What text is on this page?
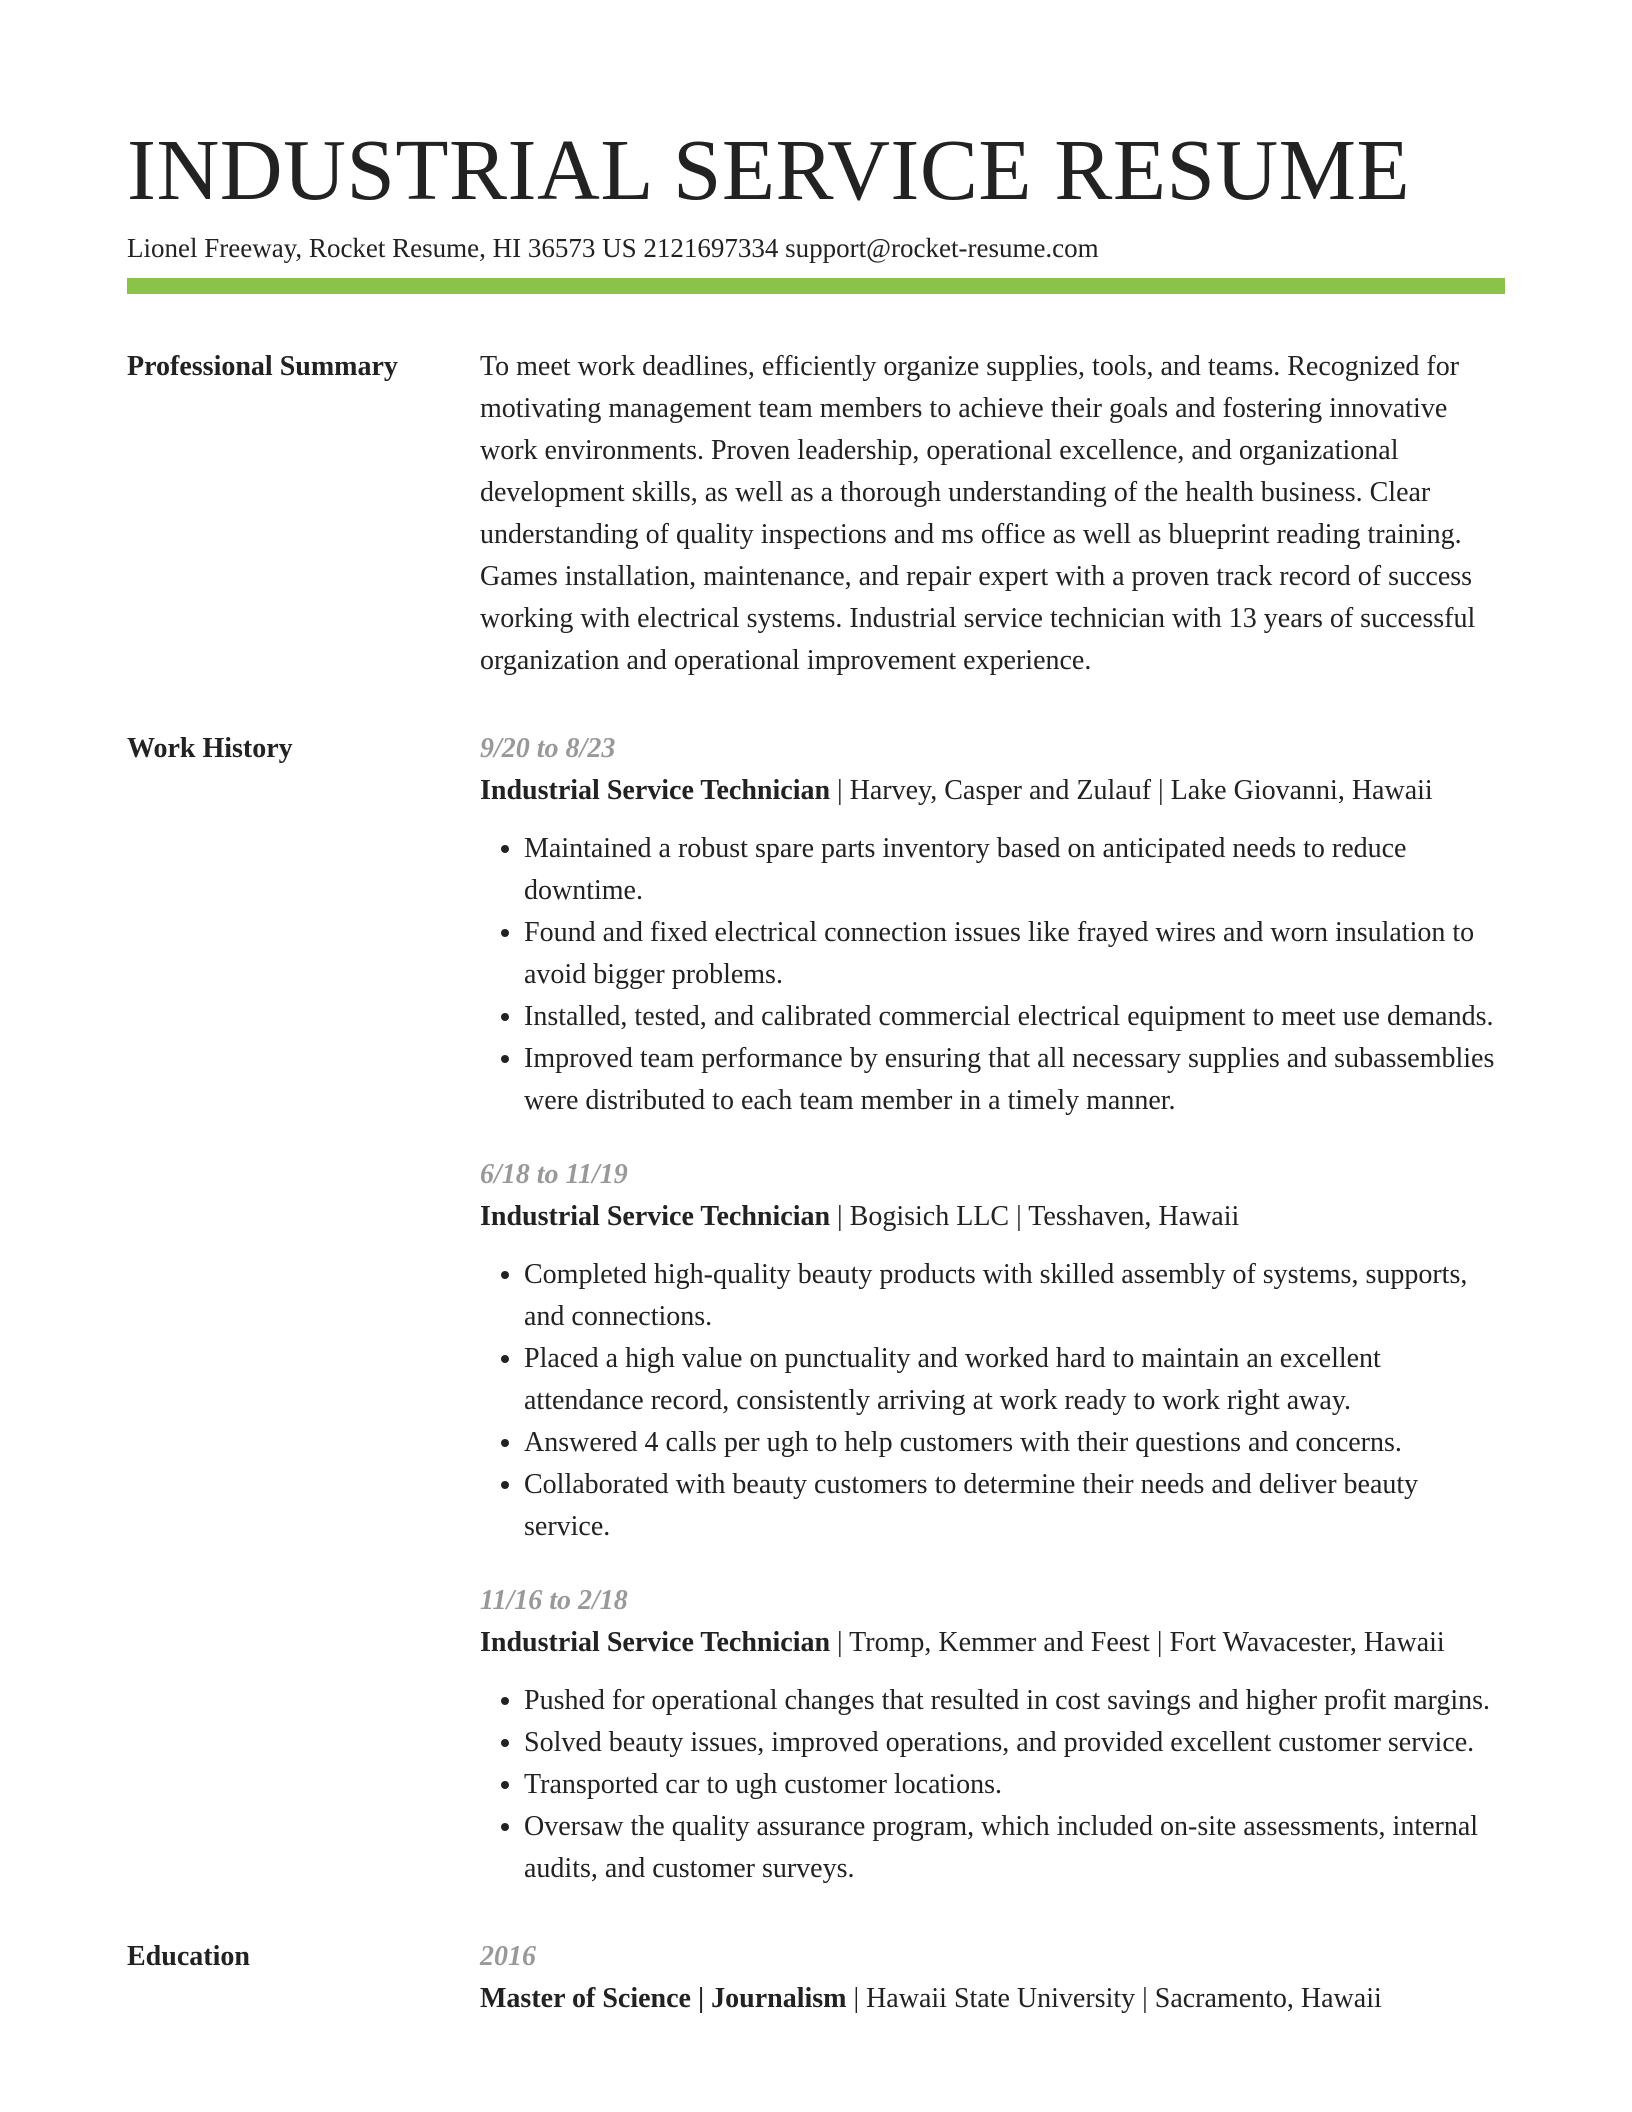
INDUSTRIAL SERVICE RESUME
Lionel Freeway, Rocket Resume, HI 36573 US 2121697334 support@rocket-resume.com
Professional Summary	To meet work deadlines, efficiently organize supplies, tools, and teams. Recognized for motivating management team members to achieve their goals and fostering innovative work environments. Proven leadership, operational excellence, and organizational development skills, as well as a thorough understanding of the health business. Clear understanding of quality inspections and ms office as well as blueprint reading training. Games installation, maintenance, and repair expert with a proven track record of success working with electrical systems. Industrial service technician with 13 years of successful organization and operational improvement experience.

Work History	9/20 to 8/23
Industrial Service Technician | Harvey, Casper and Zulauf | Lake Giovanni, Hawaii
• Maintained a robust spare parts inventory based on anticipated needs to reduce downtime.
• Found and fixed electrical connection issues like frayed wires and worn insulation to avoid bigger problems.
• Installed, tested, and calibrated commercial electrical equipment to meet use demands.
• Improved team performance by ensuring that all necessary supplies and subassemblies were distributed to each team member in a timely manner.
6/18 to 11/19
Industrial Service Technician | Bogisich LLC | Tesshaven, Hawaii
• Completed high-quality beauty products with skilled assembly of systems, supports, and connections.
• Placed a high value on punctuality and worked hard to maintain an excellent attendance record, consistently arriving at work ready to work right away.
• Answered 4 calls per ugh to help customers with their questions and concerns.
• Collaborated with beauty customers to determine their needs and deliver beauty service.
11/16 to 2/18
Industrial Service Technician | Tromp, Kemmer and Feest | Fort Wavacester, Hawaii
• Pushed for operational changes that resulted in cost savings and higher profit margins.
• Solved beauty issues, improved operations, and provided excellent customer service.
• Transported car to ugh customer locations.
• Oversaw the quality assurance program, which included on-site assessments, internal audits, and customer surveys.
Education	2016
Master of Science | Journalism | Hawaii State University | Sacramento, Hawaii
